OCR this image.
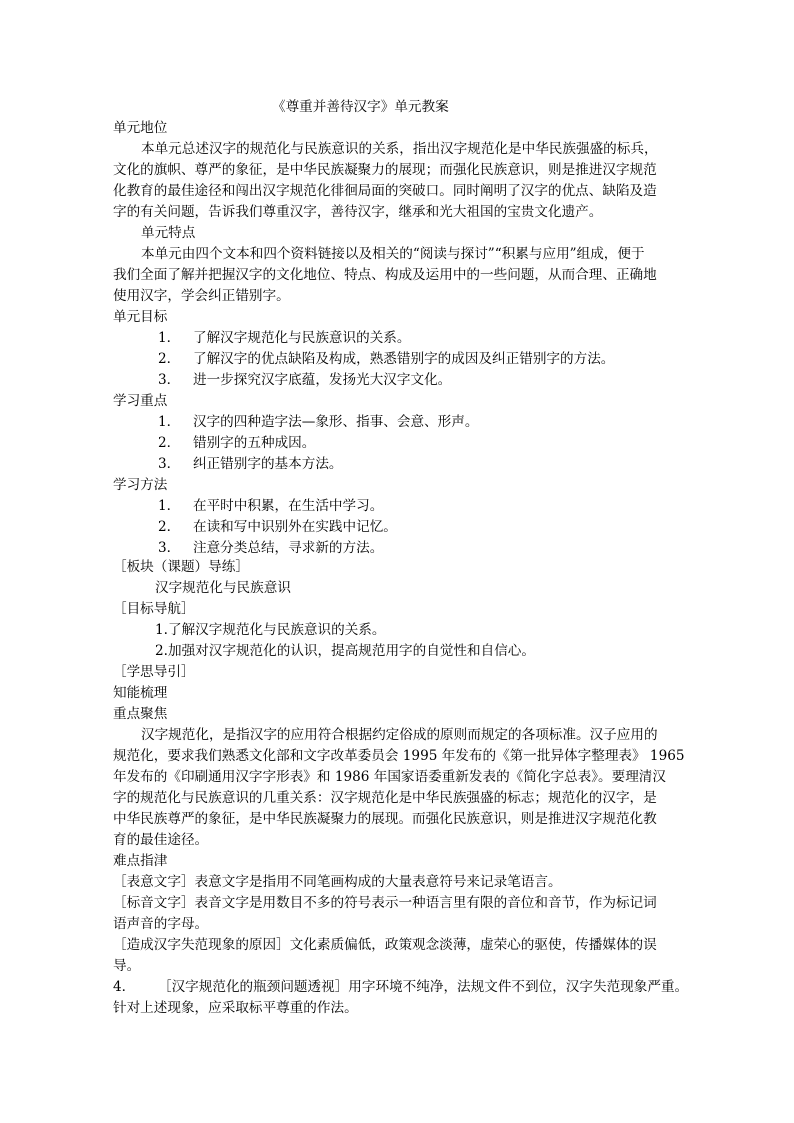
《尊重并善待汉字》单元教案
单元地位
本单元总述汉字的规范化与民族意识的关系，指出汉字规范化是中华民族强盛的标兵，
文化的旗帜、尊严的象征，是中华民族凝聚力的展现；而强化民族意识，则是推进汉字规范
化教育的最佳途径和闯出汉字规范化徘徊局面的突破口。同时阐明了汉字的优点、缺陷及造
字的有关问题，告诉我们尊重汉字，善待汉字，继承和光大祖国的宝贵文化遗产。
单元特点
本单元由四个文本和四个资料链接以及相关的“阅读与探讨”“积累与应用”组成，便于
我们全面了解并把握汉字的文化地位、特点、构成及运用中的一些问题，从而合理、正确地
使用汉字，学会纠正错别字。
单元目标
1． 了解汉字规范化与民族意识的关系。
2． 了解汉字的优点缺陷及构成，熟悉错别字的成因及纠正错别字的方法。
3． 进一步探究汉字底蕴，发扬光大汉字文化。
学习重点
1． 汉字的四种造字法—象形、指事、会意、形声。
2． 错别字的五种成因。
3． 纠正错别字的基本方法。
学习方法
1． 在平时中积累，在生活中学习。
2． 在读和写中识别外在实践中记忆。
3． 注意分类总结，寻求新的方法。
［板块（课题）导练］
汉字规范化与民族意识
［目标导航］
1.了解汉字规范化与民族意识的关系。
2.加强对汉字规范化的认识，提高规范用字的自觉性和自信心。
［学思导引］
知能梳理
重点聚焦
汉字规范化，是指汉字的应用符合根据约定俗成的原则而规定的各项标准。汉子应用的
规范化，要求我们熟悉文化部和文字改革委员会 1995 年发布的《第一批异体字整理表》 1965
年发布的《印刷通用汉字字形表》和 1986 年国家语委重新发表的《简化字总表》。要理清汉
字的规范化与民族意识的几重关系：汉字规范化是中华民族强盛的标志；规范化的汉字，是
中华民族尊严的象征，是中华民族凝聚力的展现。而强化民族意识，则是推进汉字规范化教
育的最佳途径。
难点指津
［表意文字］表意文字是指用不同笔画构成的大量表意符号来记录笔语言。
［标音文字］表音文字是用数目不多的符号表示一种语言里有限的音位和音节，作为标记词
语声音的字母。
［造成汉字失范现象的原因］文化素质偏低，政策观念淡薄，虚荣心的驱使，传播媒体的误
导。
4． ［汉字规范化的瓶颈问题透视］用字环境不纯净，法规文件不到位，汉字失范现象严重。
针对上述现象，应采取标平尊重的作法。
